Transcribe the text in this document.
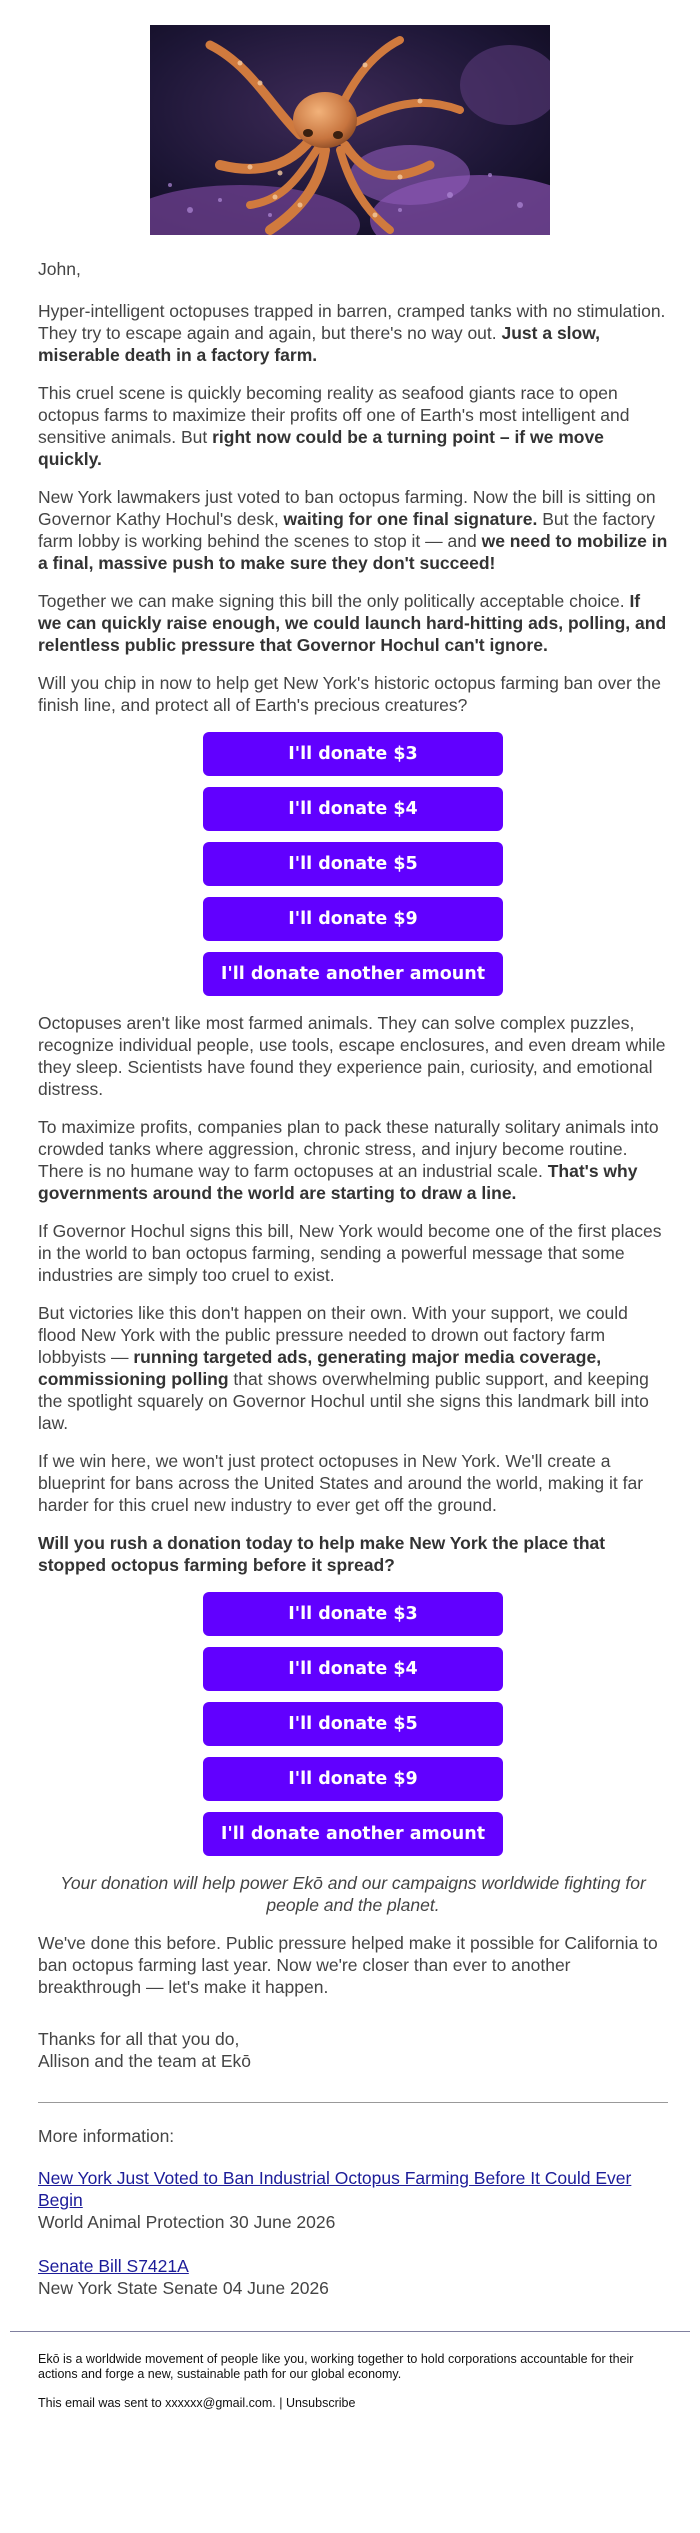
John,

Hyper-intelligent octopuses trapped in barren, cramped tanks with no stimulation. They try to escape again and again, but there's no way out. Just a slow, miserable death in a factory farm.

This cruel scene is quickly becoming reality as seafood giants race to open octopus farms to maximize their profits off one of Earth's most intelligent and sensitive animals. But right now could be a turning point – if we move quickly.

New York lawmakers just voted to ban octopus farming. Now the bill is sitting on Governor Kathy Hochul's desk, waiting for one final signature. But the factory farm lobby is working behind the scenes to stop it — and we need to mobilize in a final, massive push to make sure they don't succeed!

Together we can make signing this bill the only politically acceptable choice. If we can quickly raise enough, we could launch hard-hitting ads, polling, and relentless public pressure that Governor Hochul can't ignore.

Will you chip in now to help get New York's historic octopus farming ban over the finish line, and protect all of Earth's precious creatures?

I'll donate $3
I'll donate $4
I'll donate $5
I'll donate $9
I'll donate another amount

Octopuses aren't like most farmed animals. They can solve complex puzzles, recognize individual people, use tools, escape enclosures, and even dream while they sleep. Scientists have found they experience pain, curiosity, and emotional distress.

To maximize profits, companies plan to pack these naturally solitary animals into crowded tanks where aggression, chronic stress, and injury become routine. There is no humane way to farm octopuses at an industrial scale. That's why governments around the world are starting to draw a line.

If Governor Hochul signs this bill, New York would become one of the first places in the world to ban octopus farming, sending a powerful message that some industries are simply too cruel to exist.

But victories like this don't happen on their own. With your support, we could flood New York with the public pressure needed to drown out factory farm lobbyists — running targeted ads, generating major media coverage, commissioning polling that shows overwhelming public support, and keeping the spotlight squarely on Governor Hochul until she signs this landmark bill into law.

If we win here, we won't just protect octopuses in New York. We'll create a blueprint for bans across the United States and around the world, making it far harder for this cruel new industry to ever get off the ground.

Will you rush a donation today to help make New York the place that stopped octopus farming before it spread?

I'll donate $3
I'll donate $4
I'll donate $5
I'll donate $9
I'll donate another amount

Your donation will help power Ekō and our campaigns worldwide fighting for people and the planet.

We've done this before. Public pressure helped make it possible for California to ban octopus farming last year. Now we're closer than ever to another breakthrough — let's make it happen.

Thanks for all that you do,
Allison and the team at Ekō

More information:

New York Just Voted to Ban Industrial Octopus Farming Before It Could Ever Begin
World Animal Protection 30 June 2026

Senate Bill S7421A
New York State Senate 04 June 2026

Ekō is a worldwide movement of people like you, working together to hold corporations accountable for their actions and forge a new, sustainable path for our global economy.

This email was sent to xxxxxx@gmail.com. | Unsubscribe
